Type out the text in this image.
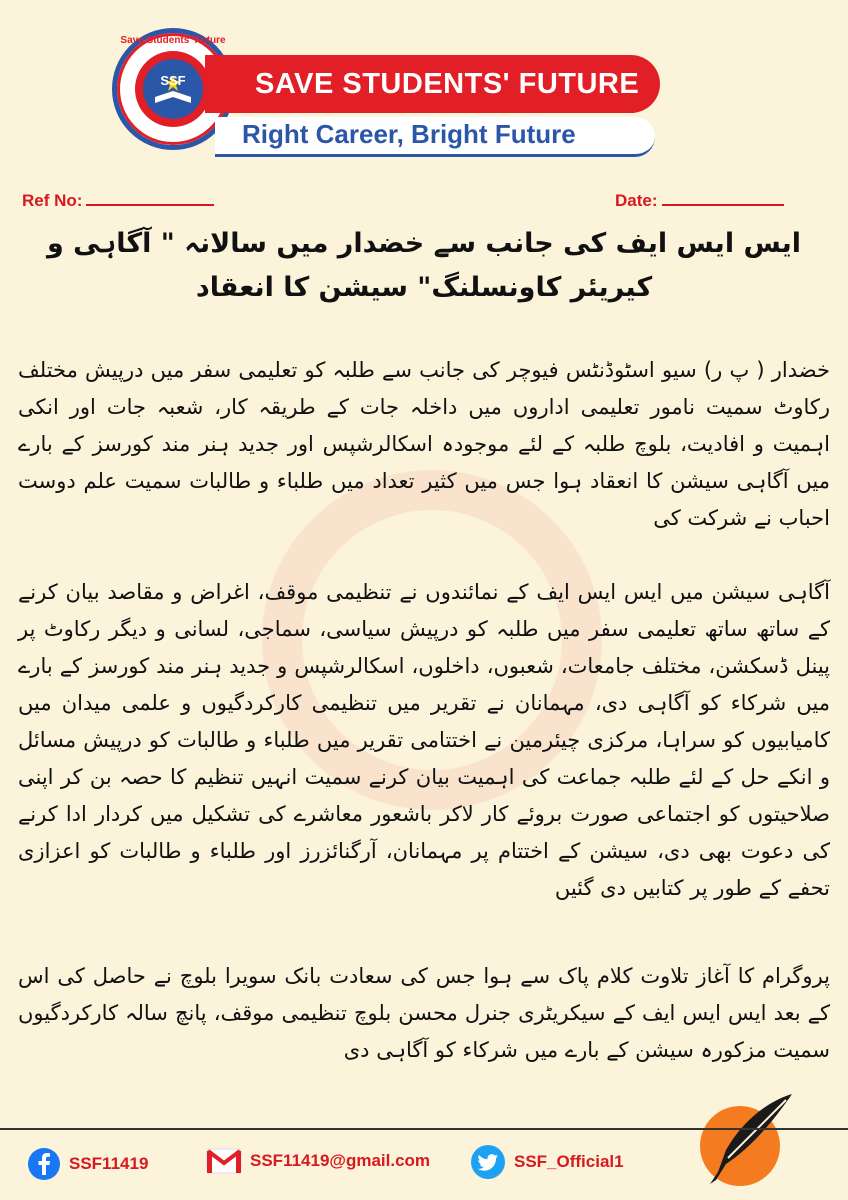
Save Students' Future
SSF	SAVE STUDENTS' FUTURE
Right Career, Bright Future
Ref No:	Date:
ایس ایس ایف کی جانب سے خضدار میں سالانہ " آگاہی و کیریئر کاونسلنگ" سیشن کا انعقاد
خضدار ( پ ر) سیو اسٹوڈنٹس فیوچر کی جانب سے طلبہ کو تعلیمی سفر میں درپیش مختلف رکاوٹ سمیت نامور تعلیمی اداروں میں داخلہ جات کے طریقہ کار، شعبہ جات اور انکی اہمیت و افادیت، بلوچ طلبہ کے لئے موجودہ اسکالرشپس اور جدید ہنر مند کورسز کے بارے میں آگاہی سیشن کا انعقاد ہوا جس میں کثیر تعداد میں طلباء و طالبات سمیت علم دوست احباب نے شرکت کی
آگاہی سیشن میں ایس ایس ایف کے نمائندوں نے تنظیمی موقف، اغراض و مقاصد بیان کرنے کے ساتھ ساتھ تعلیمی سفر میں طلبہ کو درپیش سیاسی، سماجی، لسانی و دیگر رکاوٹ پر پینل ڈسکشن، مختلف جامعات، شعبوں، داخلوں، اسکالرشپس و جدید ہنر مند کورسز کے بارے میں شرکاء کو آگاہی دی، مہمانان نے تقریر میں تنظیمی کارکردگیوں و علمی میدان میں کامیابیوں کو سراہا، مرکزی چیئرمین نے اختتامی تقریر میں طلباء و طالبات کو درپیش مسائل و انکے حل کے لئے طلبہ جماعت کی اہمیت بیان کرنے سمیت انہیں تنظیم کا حصہ بن کر اپنی صلاحیتوں کو اجتماعی صورت بروئے کار لاکر باشعور معاشرے کی تشکیل میں کردار ادا کرنے کی دعوت بھی دی، سیشن کے اختتام پر مہمانان، آرگنائزرز اور طلباء و طالبات کو اعزازی تحفے کے طور پر کتابیں دی گئیں
پروگرام کا آغاز تلاوت کلام پاک سے ہوا جس کی سعادت بانک سویرا بلوچ نے حاصل کی اس کے بعد ایس ایس ایف کے سیکریٹری جنرل محسن بلوچ تنظیمی موقف، پانچ سالہ کارکردگیوں سمیت مزکورہ سیشن کے بارے میں شرکاء کو آگاہی دی
SSF11419	SSF11419@gmail.com	SSF_Official1
